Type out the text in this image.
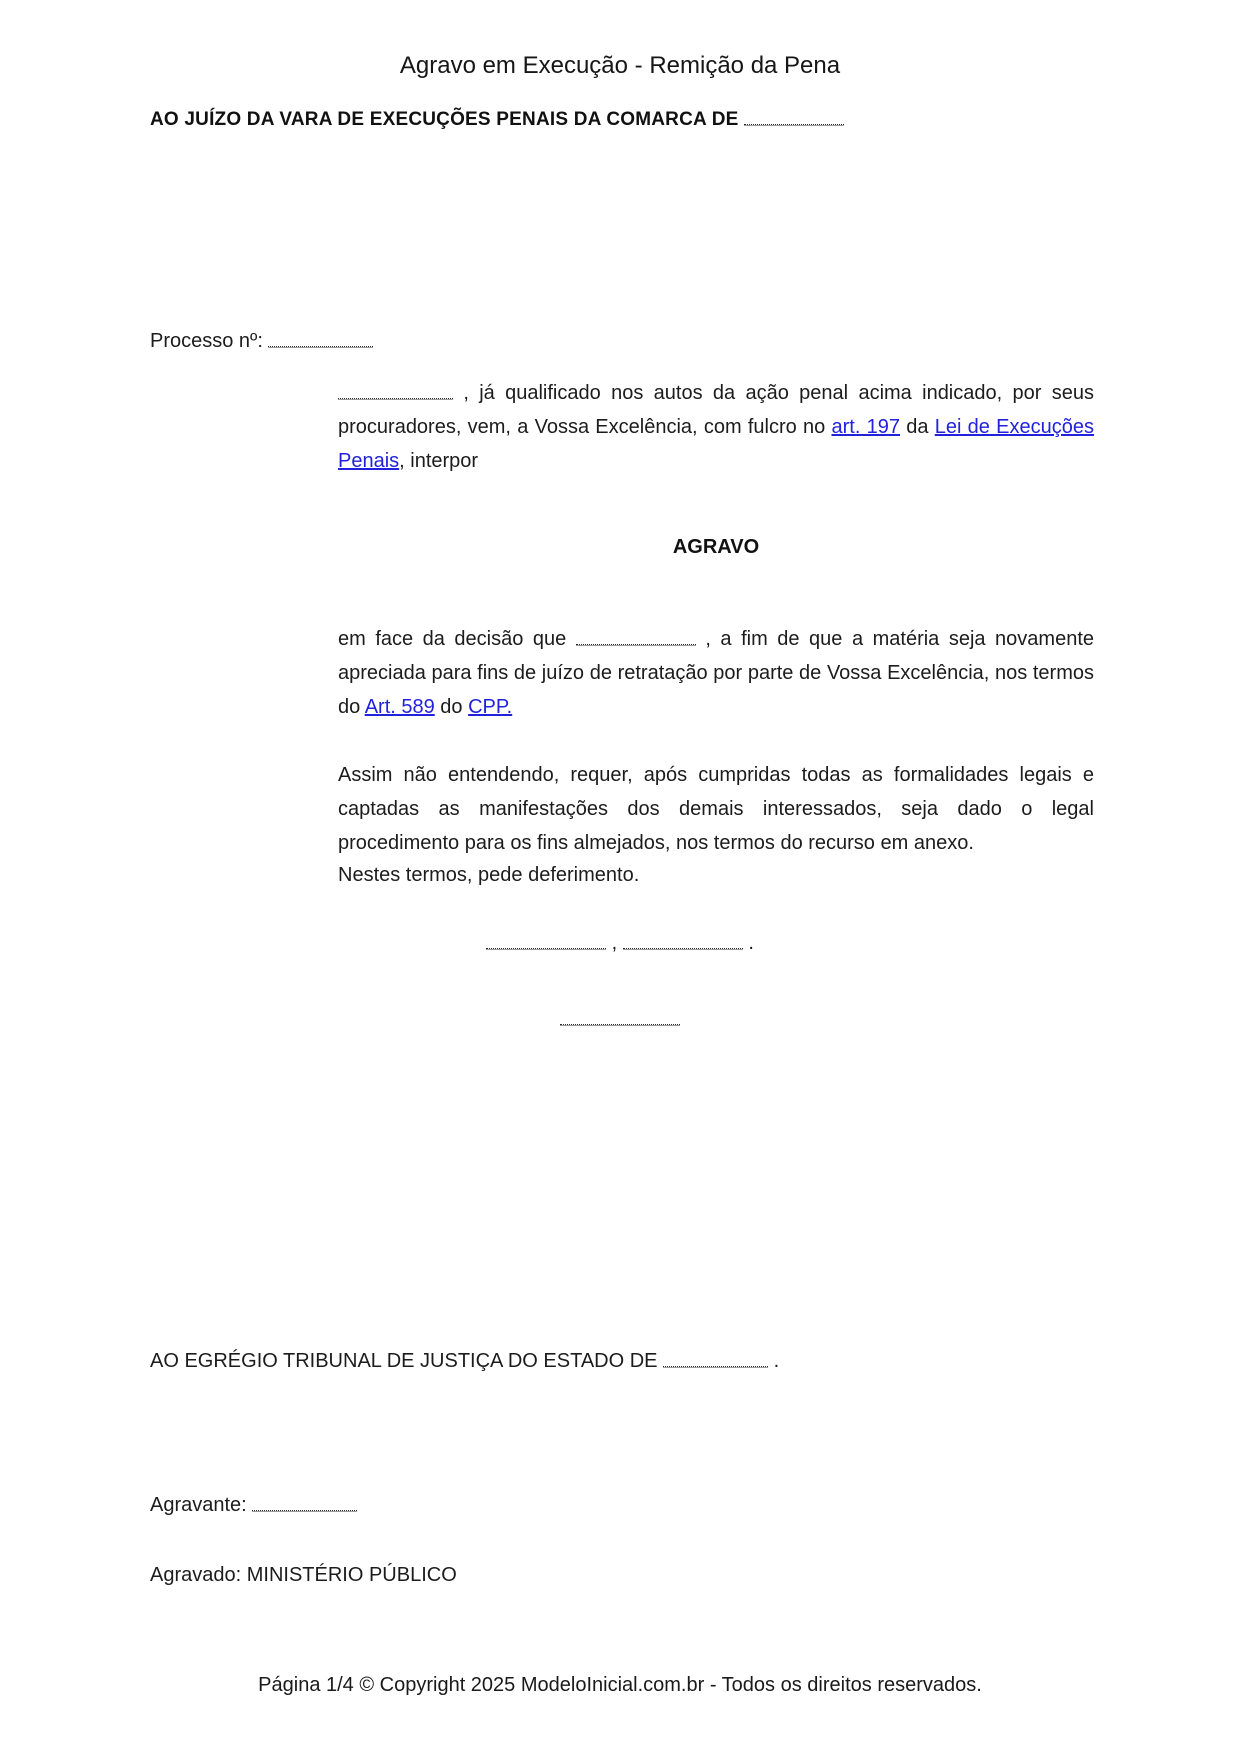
Agravo em Execução - Remição da Pena
AO JUÍZO DA VARA DE EXECUÇÕES PENAIS DA COMARCA DE
Processo nº:

, já qualificado nos autos da ação penal acima indicado, por seus procuradores, vem, a Vossa Excelência, com fulcro no art. 197 da Lei de Execuções Penais, interpor

AGRAVO

em face da decisão que	, a fim de que a matéria seja novamente apreciada para fins de juízo de retratação por parte de Vossa Excelência, nos termos do Art. 589 do CPP.

Assim não entendendo, requer, após cumpridas todas as formalidades legais e captadas as manifestações dos demais interessados, seja dado o legal procedimento para os fins almejados, nos termos do recurso em anexo.

Nestes termos, pede deferimento.
,	.
AO EGRÉGIO TRIBUNAL DE JUSTIÇA DO ESTADO DE	.
Agravante:
Agravado: MINISTÉRIO PÚBLICO
Página 1/4 © Copyright 2025 ModeloInicial.com.br - Todos os direitos reservados.
